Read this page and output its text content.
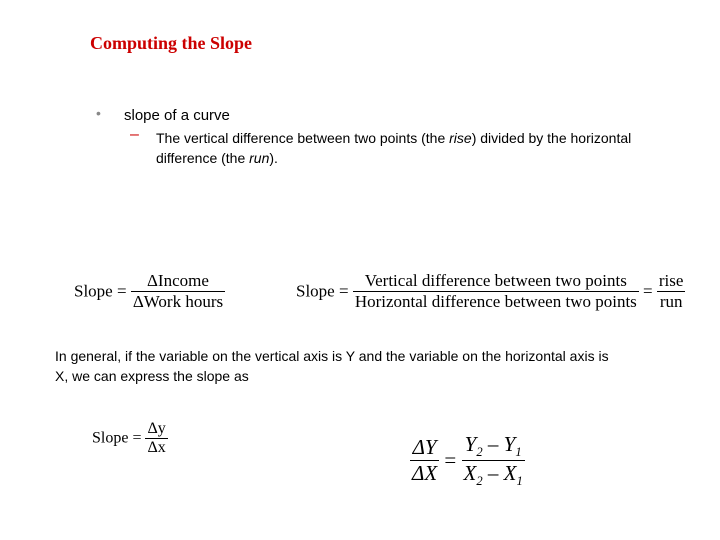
Computing the Slope
• slope of a curve
– The vertical difference between two points (the rise) divided by the horizontal difference (the run).
Slope = $\frac{\text{ΔIncome}}{\text{ΔWork hours}}$	Slope = $\frac{\text{Vertical difference between two points}}{\text{Horizontal difference between two points}} = \frac{\text{rise}}{\text{run}}$
In general, if the variable on the vertical axis is Y and the variable on the horizontal axis is X, we can express the slope as
Slope = $\frac{\Delta y}{\Delta x}$	$\frac{\Delta Y}{\Delta X} = \frac{Y_2 - Y_1}{X_2 - X_1}$
